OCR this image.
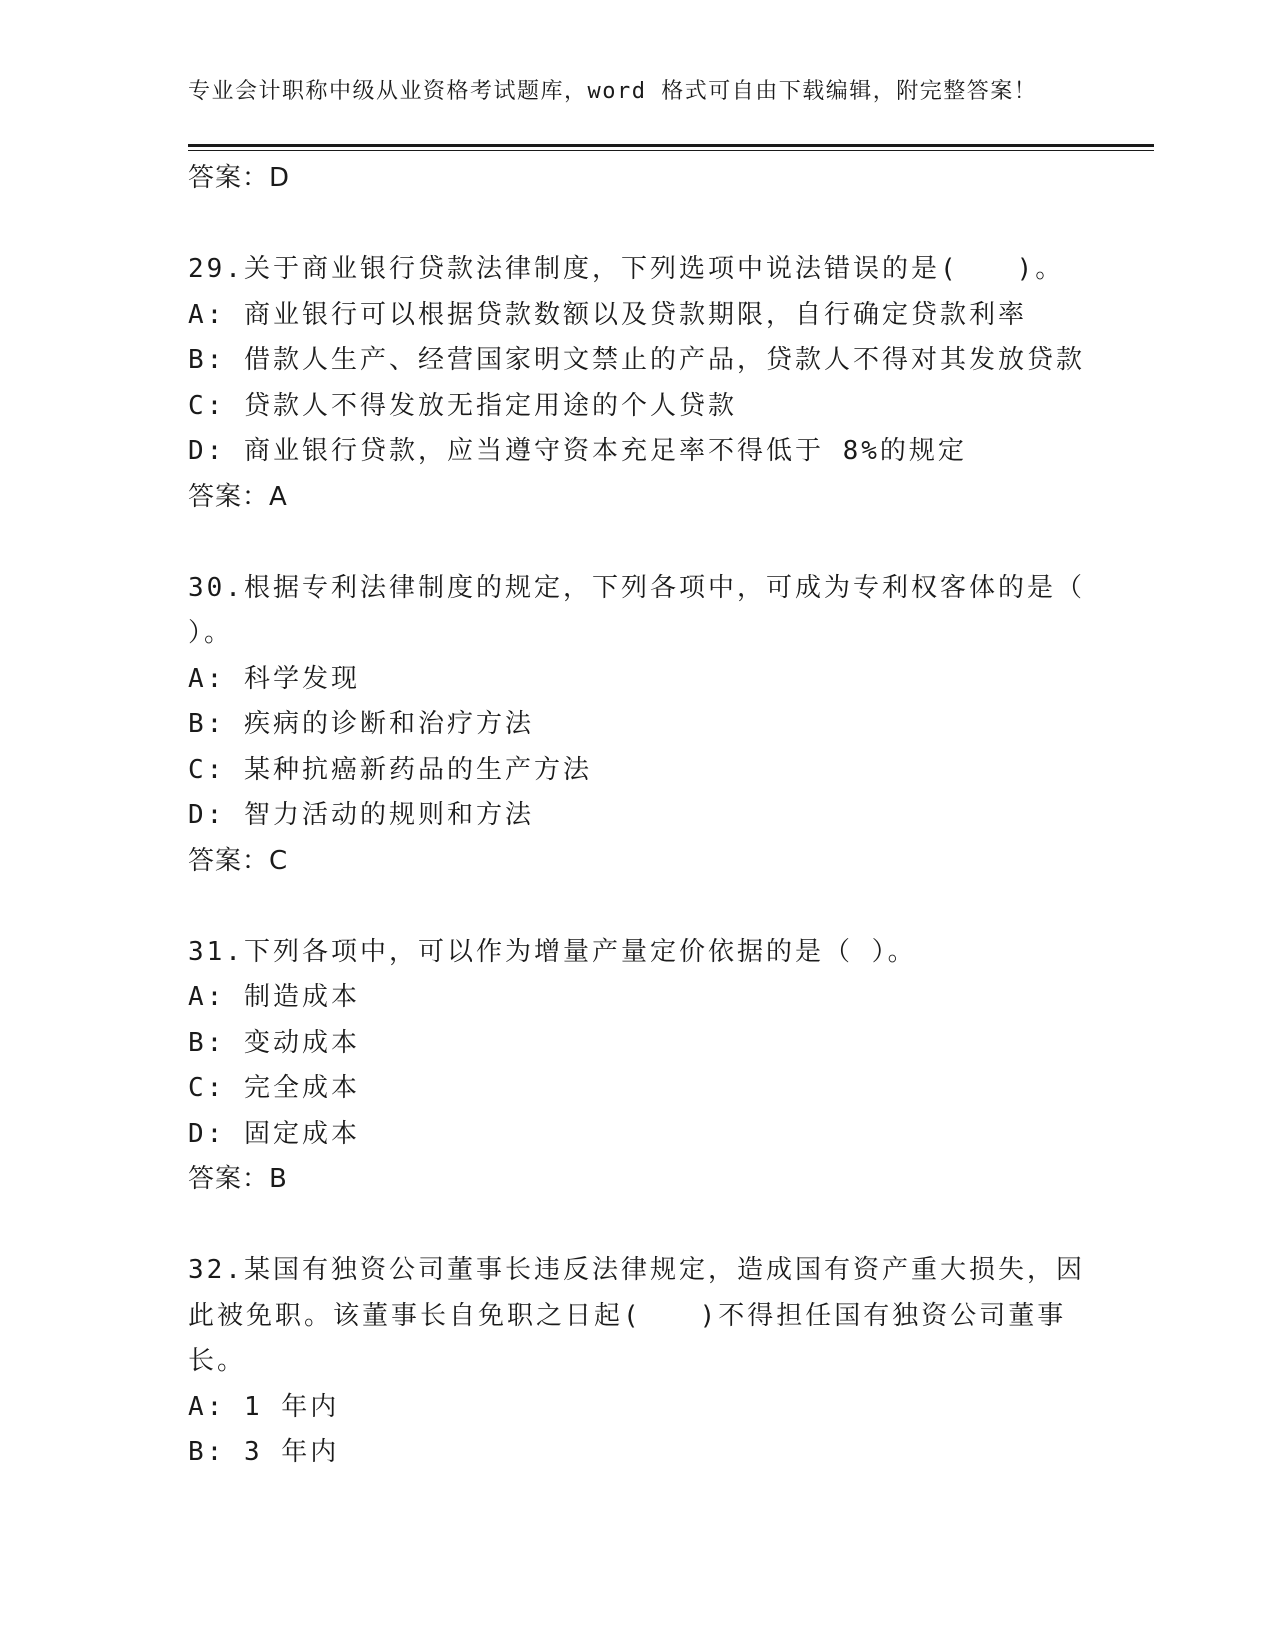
专业会计职称中级从业资格考试题库，word 格式可自由下载编辑，附完整答案！
答案：D
29.关于商业银行贷款法律制度，下列选项中说法错误的是(　　)。
A: 商业银行可以根据贷款数额以及贷款期限，自行确定贷款利率
B: 借款人生产、经营国家明文禁止的产品，贷款人不得对其发放贷款
C: 贷款人不得发放无指定用途的个人贷款
D: 商业银行贷款，应当遵守资本充足率不得低于 8%的规定
答案：A
30.根据专利法律制度的规定，下列各项中，可成为专利权客体的是（
）。
A: 科学发现
B: 疾病的诊断和治疗方法
C: 某种抗癌新药品的生产方法
D: 智力活动的规则和方法
答案：C
31.下列各项中，可以作为增量产量定价依据的是（ ）。
A: 制造成本
B: 变动成本
C: 完全成本
D: 固定成本
答案：B
32.某国有独资公司董事长违反法律规定，造成国有资产重大损失，因
此被免职。该董事长自免职之日起(　　)不得担任国有独资公司董事
长。
A: 1 年内
B: 3 年内
